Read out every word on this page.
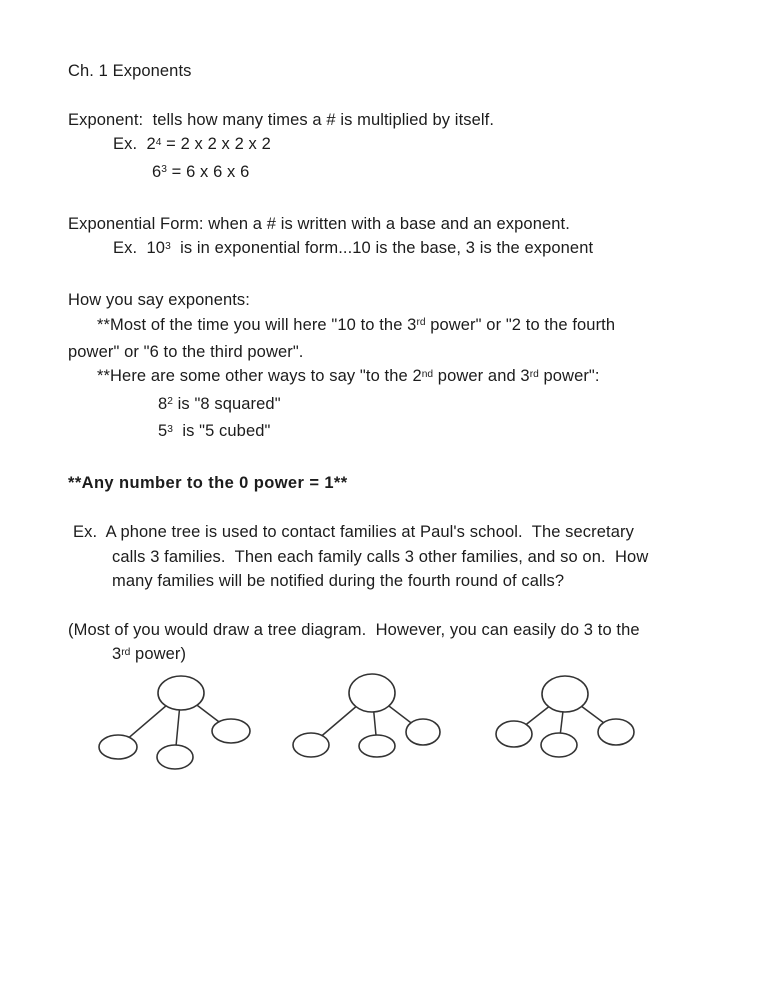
Ch. 1 Exponents

Exponent:  tells how many times a # is multiplied by itself.
Ex.  $2^4 = 2$ x 2 x 2 x 2
$6^3 = 6$ x 6 x 6

Exponential Form: when a # is written with a base and an exponent.
Ex.  $10^3$  is in exponential form...10 is the base, 3 is the exponent

How you say exponents:
**Most of the time you will here "10 to the 3rd power" or "2 to the fourth
power" or "6 to the third power".
**Here are some other ways to say "to the 2nd power and 3rd power":
$8^2$ is "8 squared"
$5^3$  is "5 cubed"

**Any number to the 0 power = 1**

Ex.  A phone tree is used to contact families at Paul's school.  The secretary
calls 3 families.  Then each family calls 3 other families, and so on.  How
many families will be notified during the fourth round of calls?

(Most of you would draw a tree diagram.  However, you can easily do 3 to the
3rd power)
